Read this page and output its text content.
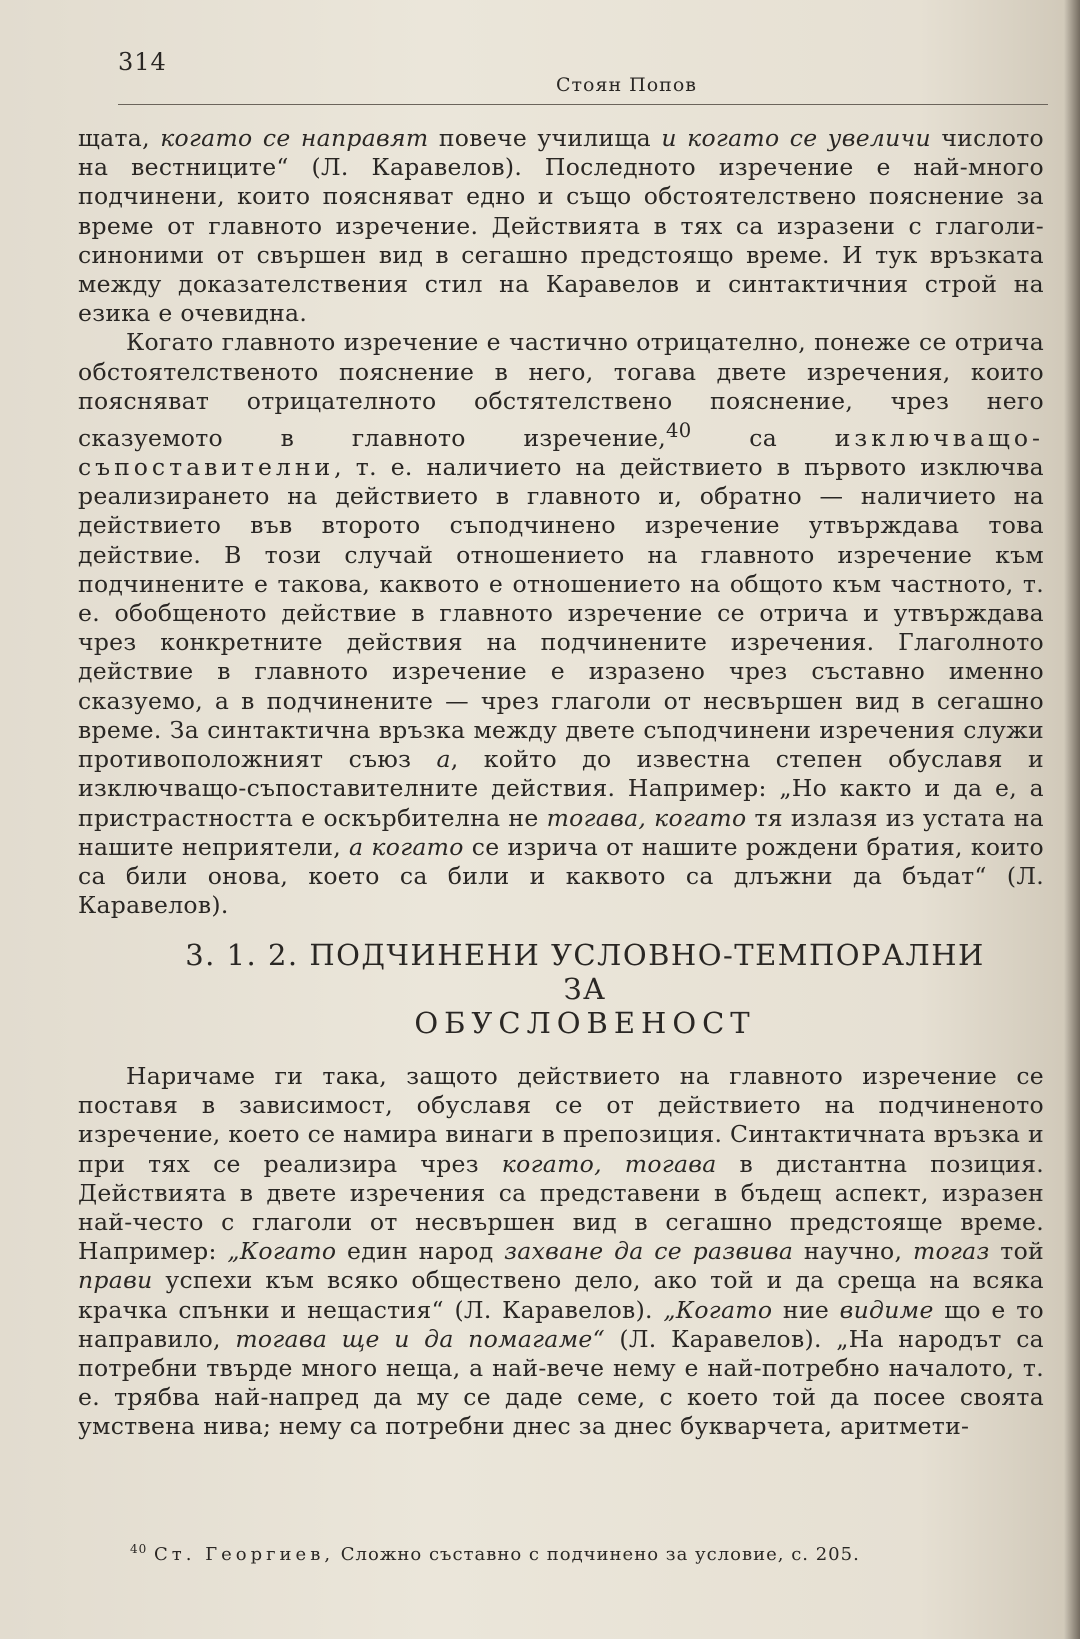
314
Стоян Попов

щата, когато се направят повече училища и когато се увеличи числото на вестниците“ (Л. Каравелов). Последното изречение е най-много подчинени, които поясняват едно и също обстоятелствено пояснение за време от главното изречение. Действията в тях са изразени с глаголи-синоними от свършен вид в сегашно предстоящо време. И тук връзката между доказателствения стил на Каравелов и синтактичния строй на езика е очевидна.

Когато главното изречение е частично отрицателно, понеже се отрича обстоятелственото пояснение в него, тогава двете изречения, които поясняват отрицателното обстятелствено пояснение, чрез него сказуемото в главното изречение,$^{40}$ са изключващо-съпоставителни, т. е. наличието на действието в първото изключва реализирането на действието в главното и, обратно — наличието на действието във второто съподчинено изречение утвърждава това действие. В този случай отношението на главното изречение към подчинените е такова, каквото е отношението на общото към частното, т. е. обобщеното действие в главното изречение се отрича и утвърждава чрез конкретните действия на подчинените изречения. Глаголното действие в главното изречение е изразено чрез съставно именно сказуемо, а в подчинените — чрез глаголи от несвършен вид в сегашно време. За синтактична връзка между двете съподчинени изречения служи противоположният съюз а, който до известна степен обуславя и изключващо-съпоставителните действия. Например: „Но както и да е, а пристрастността е оскърбителна не тогава, когато тя излазя из устата на нашите неприятели, а когато се изрича от нашите рождени братия, които са били онова, което са били и каквото са длъжни да бъдат“ (Л. Каравелов).

3. 1. 2. ПОДЧИНЕНИ УСЛОВНО-ТЕМПОРАЛНИ ЗА
ОБУСЛОВЕНОСТ

Наричаме ги така, защото действието на главното изречение се поставя в зависимост, обуславя се от действието на подчиненото изречение, което се намира винаги в препозиция. Синтактичната връзка и при тях се реализира чрез когато, тогава в дистантна позиция. Действията в двете изречения са представени в бъдещ аспект, изразен най-често с глаголи от несвършен вид в сегашно предстояще време. Например: „Когато един народ захване да се развива научно, тогаз той прави успехи към всяко обществено дело, ако той и да среща на всяка крачка спънки и нещастия“ (Л. Каравелов). „Когато ние видиме що е то направило, тогава ще и да помагаме“ (Л. Каравелов). „На народът са потребни твърде много неща, а най-вече нему е най-потребно началото, т. е. трябва най-напред да му се даде семе, с което той да посее своята умствена нива; нему са потребни днес за днес букварчета, аритмети-

$^{40}$ Ст. Георгиев, Сложно съставно с подчинено за условие, с. 205.
